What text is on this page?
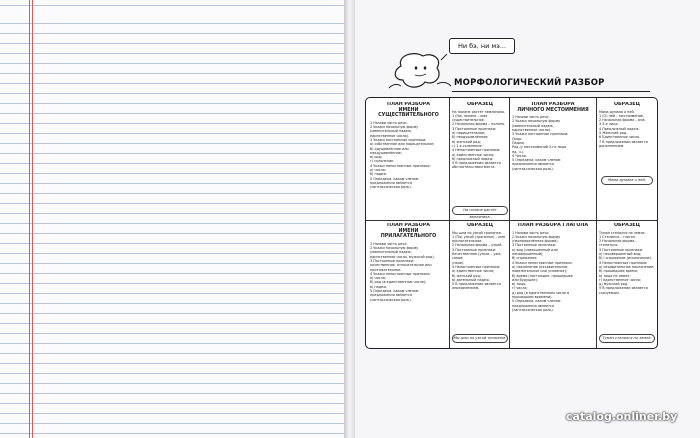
Ни бэ, ни мэ...
МОРФОЛОГИЧЕСКИЙ РАЗБОР
ПЛАН РАЗБОРА
ИМЕНИ СУЩЕСТВИТЕЛЬНОГО
1 Назови часть речи.
2 Укажи начальную форму
(именительный падеж,
единственное число).
3 Укажи постоянные признаки:
а) собственное или нарицательное;
б) одушевлённое или
неодушевлённое;
в) род;
г) склонение.
4 Укажи непостоянные признаки:
а) число;
б) падеж.
5 Определи, каким членом
предложения является
(синтаксическая роль).
ОБРАЗЕЦ
На поляне растёт земляника.
1 (На) поляне – имя существительное.
2 Начальная форма – поляна.
3 Постоянные признаки:
а) нарицательное;
б) неодушевлённое;
в) женский род;
г) 1-е склонение.
4 Непостоянные признаки:
а) единственное число;
б) предложный падеж.
5 В предложении является
обстоятельством места.
На поляне растёт земляника.
ПЛАН РАЗБОРА
ЛИЧНОГО МЕСТОИМЕНИЯ
1 Назови часть речи.
2 Укажи начальную форму
(именительный падеж,
единственное число).
3 Укажи постоянные признаки:
Лицо.
Падеж.
Род (у местоимений 3-го лица
ед. ч.).
4 Число.
5 Определи, каким членом
предложения является
(синтаксическая роль).
ОБРАЗЕЦ
Мама думала о ней.
1 (О) ней – местоимение.
2 Начальная форма – она.
3 3-е лицо.
4 Предложный падеж.
5 Женский род.
6 Единственное число.
7 В предложении является
дополнением.
Мама думала о ней.
ПЛАН РАЗБОРА
ИМЕНИ ПРИЛАГАТЕЛЬНОГО
1 Назови часть речи.
2 Укажи начальную форму
(именительный падеж,
единственное число, мужской род).
3 Постоянные признаки:
качественное, относительное или
притяжательное.
4 Укажи непостоянные признаки:
а) число;
б) род (в единственном числе);
в) падеж.
5 Определи, каким членом
предложения является
(синтаксическая роль).
ОБРАЗЕЦ
Мы шли по узкой тропинке.
1 (По) узкой (тропинке) – имя
прилагательное.
2 Начальная форма – узкий.
3 Постоянные признаки:
Качественное (узкое – уже, самое
узкое).
4 Непостоянные признаки:
а) единственное число;
б) женский род;
в) дательный падеж.
5 В предложении является
определением.
Мы шли по узкой тропинке.
ПЛАН РАЗБОРА ГЛАГОЛА
1 Назови часть речи.
2 Укажи начальную форму
(неопределённая форма).
3 Постоянные признаки:
а) вид (совершенный или
несовершенный);
б) спряжение.
4 Укажи непостоянные признаки:
а) наклонение (изъявительное,
повелительное или условное);
б) время (настоящее, прошедшее
или будущее);
в) лицо;
г) число;
д) род (в единственном числе в
прошедшем времени).
5 Определи, каким членом
предложения является
(синтаксическая роль).
ОБРАЗЕЦ
Туман стелился по земле.
1 Стелился – глагол.
2 Начальная форма – стелиться.
3 Постоянные признаки:
а) несовершенный вид;
б) I спряжение (исключение).
4 Непостоянные признаки:
а) изъявительное наклонение;
б) прошедшее время;
в) лица не имеет;
г) единственное число;
д) мужской род.
5 В предложении является
сказуемым.
Туман стелился по земле.
catalog.onliner.by
